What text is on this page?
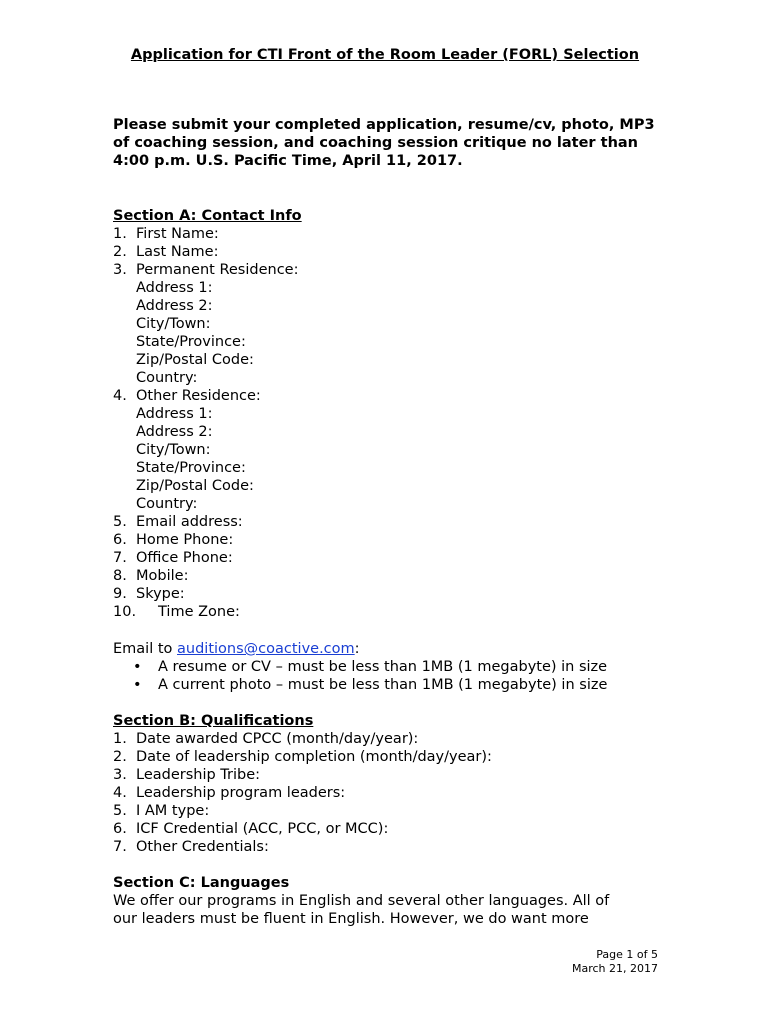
Application for CTI Front of the Room Leader (FORL) Selection
Please submit your completed application, resume/cv, photo, MP3 of coaching session, and coaching session critique no later than 4:00 p.m. U.S. Pacific Time, April 11, 2017.
Section A: Contact Info
1. First Name:
2. Last Name:
3. Permanent Residence:
Address 1:
Address 2:
City/Town:
State/Province:
Zip/Postal Code:
Country:
4. Other Residence:
Address 1:
Address 2:
City/Town:
State/Province:
Zip/Postal Code:
Country:
5. Email address:
6. Home Phone:
7. Office Phone:
8. Mobile:
9. Skype:
10. Time Zone:
Email to auditions@coactive.com:
• A resume or CV – must be less than 1MB (1 megabyte) in size
• A current photo – must be less than 1MB (1 megabyte) in size
Section B: Qualifications
1. Date awarded CPCC (month/day/year):
2. Date of leadership completion (month/day/year):
3. Leadership Tribe:
4. Leadership program leaders:
5. I AM type:
6. ICF Credential (ACC, PCC, or MCC):
7. Other Credentials:
Section C: Languages
We offer our programs in English and several other languages. All of
our leaders must be fluent in English. However, we do want more
Page 1 of 5
March 21, 2017
